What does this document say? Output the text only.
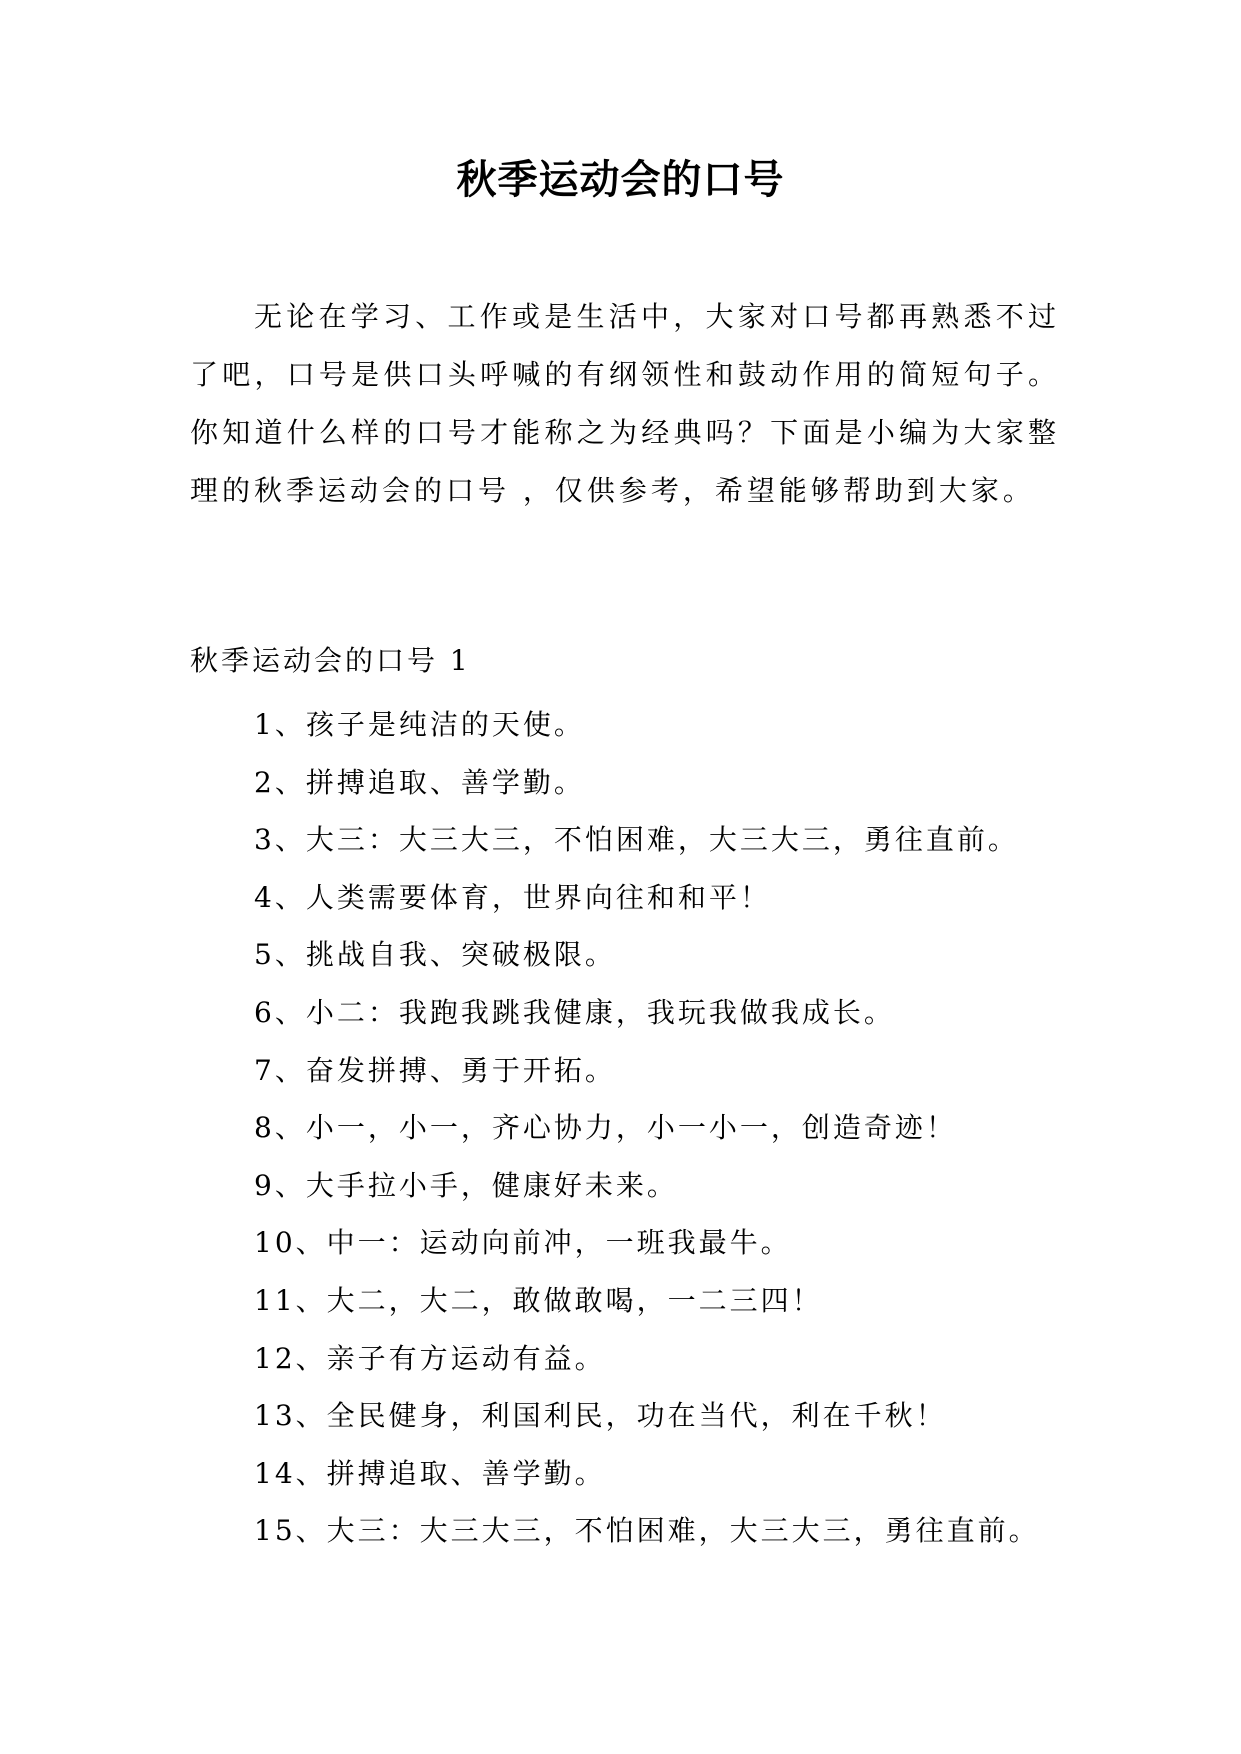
秋季运动会的口号

无论在学习、工作或是生活中，大家对口号都再熟悉不过了吧，口号是供口头呼喊的有纲领性和鼓动作用的简短句子。你知道什么样的口号才能称之为经典吗？下面是小编为大家整理的秋季运动会的口号 ，仅供参考，希望能够帮助到大家。

秋季运动会的口号 1
1、孩子是纯洁的天使。
2、拼搏追取、善学勤。
3、大三：大三大三，不怕困难，大三大三，勇往直前。
4、人类需要体育，世界向往和和平！
5、挑战自我、突破极限。
6、小二：我跑我跳我健康，我玩我做我成长。
7、奋发拼搏、勇于开拓。
8、小一，小一，齐心协力，小一小一，创造奇迹！
9、大手拉小手，健康好未来。
10、中一：运动向前冲，一班我最牛。
11、大二，大二，敢做敢喝，一二三四！
12、亲子有方运动有益。
13、全民健身，利国利民，功在当代，利在千秋！
14、拼搏追取、善学勤。
15、大三：大三大三，不怕困难，大三大三，勇往直前。
